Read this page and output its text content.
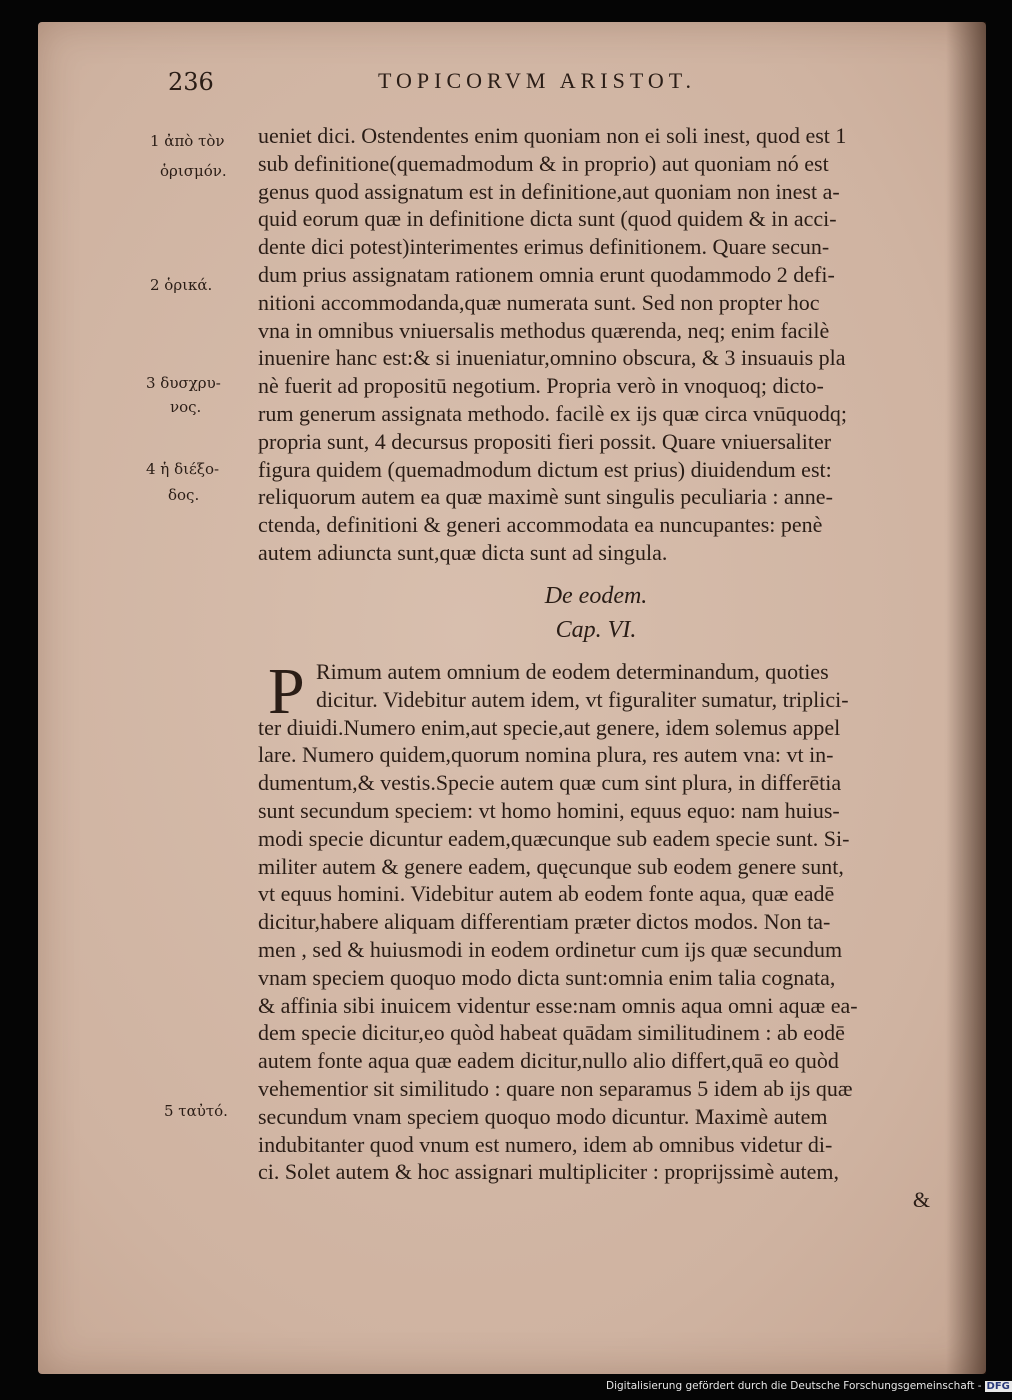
236	TOPICORVM ARISTOT.
1 ἀπὸ τὸν
ὁρισμόν.
2 ὁρικά.
3 δυσχρυ-
νος.
4 ἡ διέξο-
δος.
5 ταὐτό.
ueniet dici. Ostendentes enim quoniam non ei soli inest, quod est 1
sub definitione(quemadmodum & in proprio) aut quoniam nó est
genus quod assignatum est in definitione,aut quoniam non inest a-
quid eorum quæ in definitione dicta sunt (quod quidem & in acci-
dente dici potest)interimentes erimus definitionem. Quare secun-
dum prius assignatam rationem omnia erunt quodammodo 2 defi-
nitioni accommodanda,quæ numerata sunt. Sed non propter hoc
vna in omnibus vniuersalis methodus quærenda, neq; enim facilè
inuenire hanc est:& si inueniatur,omnino obscura, & 3 insuauis pla
nè fuerit ad propositū negotium. Propria verò in vnoquoq; dicto-
rum generum assignata methodo. facilè ex ijs quæ circa vnūquodq;
propria sunt, 4 decursus propositi fieri possit. Quare vniuersaliter
figura quidem (quemadmodum dictum est prius) diuidendum est:
reliquorum autem ea quæ maximè sunt singulis peculiaria : anne-
ctenda, definitioni & generi accommodata ea nuncupantes: penè
autem adiuncta sunt,quæ dicta sunt ad singula.
De eodem.
Cap. VI.
P Rimum autem omnium de eodem determinandum, quoties
dicitur. Videbitur autem idem, vt figuraliter sumatur, triplici-
ter diuidi.Numero enim,aut specie,aut genere, idem solemus appel
lare. Numero quidem,quorum nomina plura, res autem vna: vt in-
dumentum,& vestis.Specie autem quæ cum sint plura, in differētia
sunt secundum speciem: vt homo homini, equus equo: nam huius-
modi specie dicuntur eadem,quæcunque sub eadem specie sunt. Si-
militer autem & genere eadem, quęcunque sub eodem genere sunt,
vt equus homini. Videbitur autem ab eodem fonte aqua, quæ eadē
dicitur,habere aliquam differentiam præter dictos modos. Non ta-
men , sed & huiusmodi in eodem ordinetur cum ijs quæ secundum
vnam speciem quoquo modo dicta sunt:omnia enim talia cognata,
& affinia sibi inuicem videntur esse:nam omnis aqua omni aquæ ea-
dem specie dicitur,eo quòd habeat quādam similitudinem : ab eodē
autem fonte aqua quæ eadem dicitur,nullo alio differt,quā eo quòd
vehementior sit similitudo : quare non separamus 5 idem ab ijs quæ
secundum vnam speciem quoquo modo dicuntur. Maximè autem
indubitanter quod vnum est numero, idem ab omnibus videtur di-
ci. Solet autem & hoc assignari multipliciter : proprijssimè autem,
&
Digitalisierung gefördert durch die Deutsche Forschungsgemeinschaft - DFG
